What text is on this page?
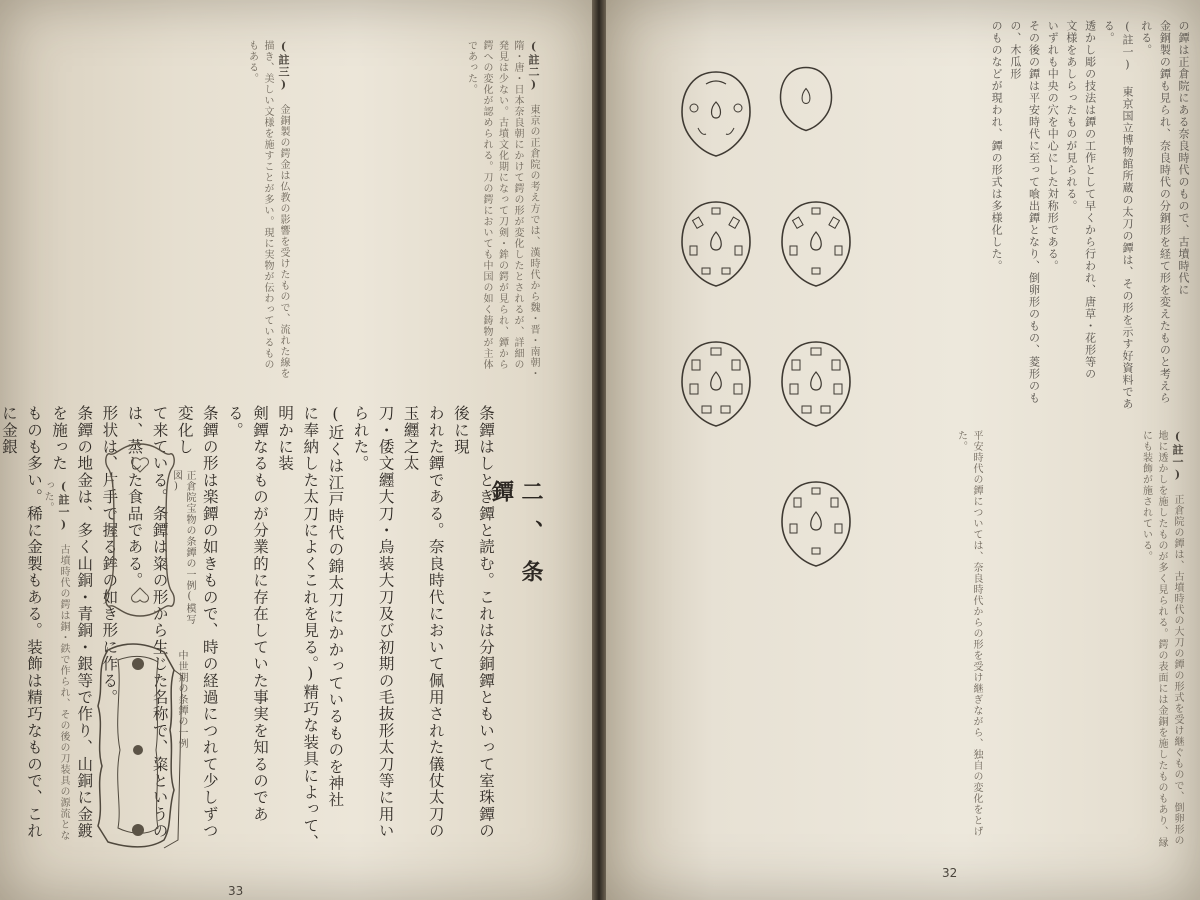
(註二) 東京の正倉院の考え方では、漢時代から魏・晋・南朝・隋・唐・日本奈良朝にかけて鍔の形が変化したとされるが、詳細の発見は少ない。古墳文化期になって刀剣・鉾の鍔が見られ、鐔から鍔への変化が認められる。刀の鍔においても中国の如く鋳物が主体であった。
(註三) 金銅製の鍔金は仏教の影響を受けたもので、流れた線を描き、美しい文様を施すことが多い。現に実物が伝わっているものもある。
二、条　鐔
条鐔はしとぎ鐔と読む。これは分銅鐔ともいって室珠鐔の後に現
われた鐔である。奈良時代において佩用された儀仗太刀の玉纒之太
刀・倭文纒大刀・烏装大刀及び初期の毛抜形太刀等に用いられた。
(近くは江戸時代の錦太刀にかかっているものを神社
に奉納した太刀によくこれを見る。)精巧な装具によって、明かに装
剣鐔なるものが分業的に存在していた事実を知るのである。
条鐔の形は楽鐔の如きもので、時の経過につれて少しずつ変化し
て来ている。条鐔は粢の形から生じた名称で、粢というのは、蒸した食品である。
形状は、片手で握る鉾の如き形に作る。
条鐔の地金は、多く山銅・青銅・銀等で作り、山銅に金鍍を施った
ものも多い。稀に金製もある。装飾は精巧なもので、これに金銀
正倉院宝物の条鐔の一例(模写図)
中世期の条鐔の一例
(註一) 古墳時代の鍔は銅・鉄で作られ、その後の刀装具の源流となった。
33
の鐔は正倉院にある奈良時代のもので、古墳時代に
金銅製の鐔も見られ、奈良時代の分銅形を経て形を変えたものと考えられる。
(註一) 東京国立博物館所蔵の太刀の鐔は、その形を示す好資料である。
透かし彫の技法は鐔の工作として早くから行われ、唐草・花形等の
文様をあしらったものが見られる。
いずれも中央の穴を中心にした対称形である。
その後の鐔は平安時代に至って喰出鐔となり、倒卵形のもの、菱形のもの、木瓜形
のものなどが現われ、鐔の形式は多様化した。
(註一) 正倉院の鐔は、古墳時代の大刀の鐔の形式を受け継ぐもので、倒卵形の地に透かしを施したものが多く見られる。鍔の表面には金銅を施したものもあり、縁にも装飾が施されている。
平安時代の鐔については、奈良時代からの形を受け継ぎながら、独自の変化をとげた。
32
